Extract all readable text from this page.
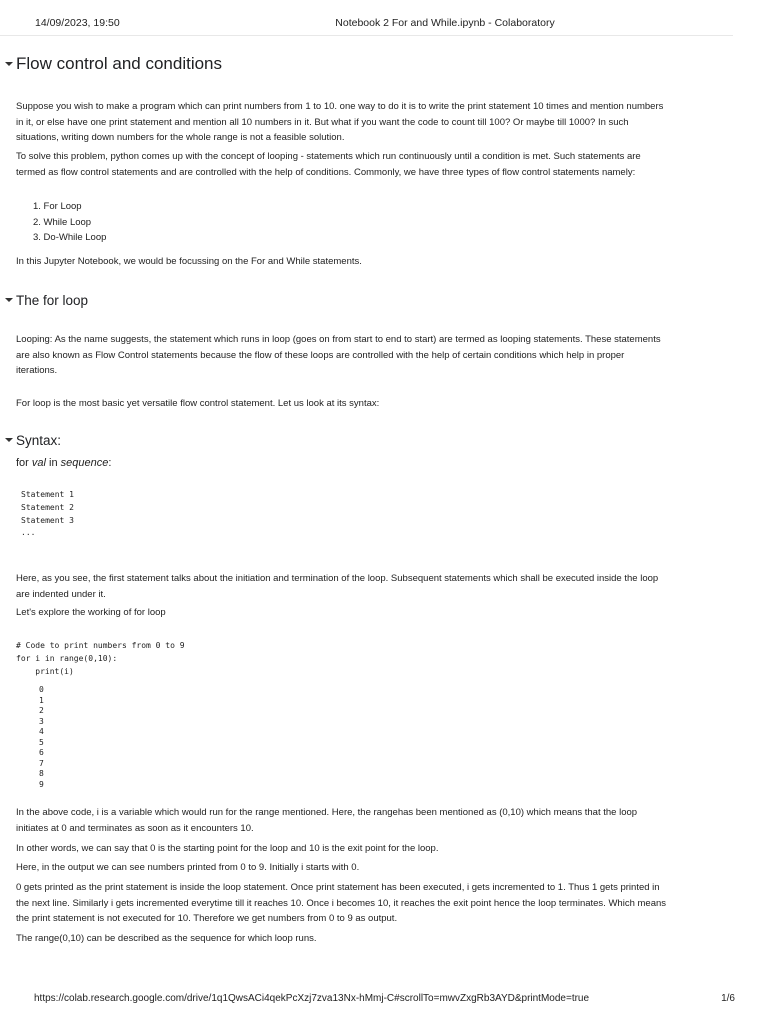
14/09/2023, 19:50	Notebook 2 For and While.ipynb - Colaboratory
Flow control and conditions
Suppose you wish to make a program which can print numbers from 1 to 10. one way to do it is to write the print statement 10 times and mention numbers in it, or else have one print statement and mention all 10 numbers in it. But what if you want the code to count till 100? Or maybe till 1000? In such situations, writing down numbers for the whole range is not a feasible solution.
To solve this problem, python comes up with the concept of looping - statements which run continuously until a condition is met. Such statements are termed as flow control statements and are controlled with the help of conditions. Commonly, we have three types of flow control statements namely:
1. For Loop
2. While Loop
3. Do-While Loop
In this Jupyter Notebook, we would be focussing on the For and While statements.
The for loop
Looping: As the name suggests, the statement which runs in loop (goes on from start to end to start) are termed as looping statements. These statements are also known as Flow Control statements because the flow of these loops are controlled with the help of certain conditions which help in proper iterations.
For loop is the most basic yet versatile flow control statement. Let us look at its syntax:
Syntax:
for val in sequence:
Statement 1
Statement 2
Statement 3
...
Here, as you see, the first statement talks about the initiation and termination of the loop. Subsequent statements which shall be executed inside the loop are indented under it.
Let's explore the working of for loop
# Code to print numbers from 0 to 9
for i in range(0,10):
print(i)
0
1
2
3
4
5
6
7
8
9
In the above code, i is a variable which would run for the range mentioned. Here, the rangehas been mentioned as (0,10) which means that the loop initiates at 0 and terminates as soon as it encounters 10.
In other words, we can say that 0 is the starting point for the loop and 10 is the exit point for the loop.
Here, in the output we can see numbers printed from 0 to 9. Initially i starts with 0.
0 gets printed as the print statement is inside the loop statement. Once print statement has been executed, i gets incremented to 1. Thus 1 gets printed in the next line. Similarly i gets incremented everytime till it reaches 10. Once i becomes 10, it reaches the exit point hence the loop terminates. Which means the print statement is not executed for 10. Therefore we get numbers from 0 to 9 as output.
The range(0,10) can be described as the sequence for which loop runs.
https://colab.research.google.com/drive/1q1QwsACi4qekPcXzj7zva13Nx-hMmj-C#scrollTo=mwvZxgRb3AYD&printMode=true	1/6
